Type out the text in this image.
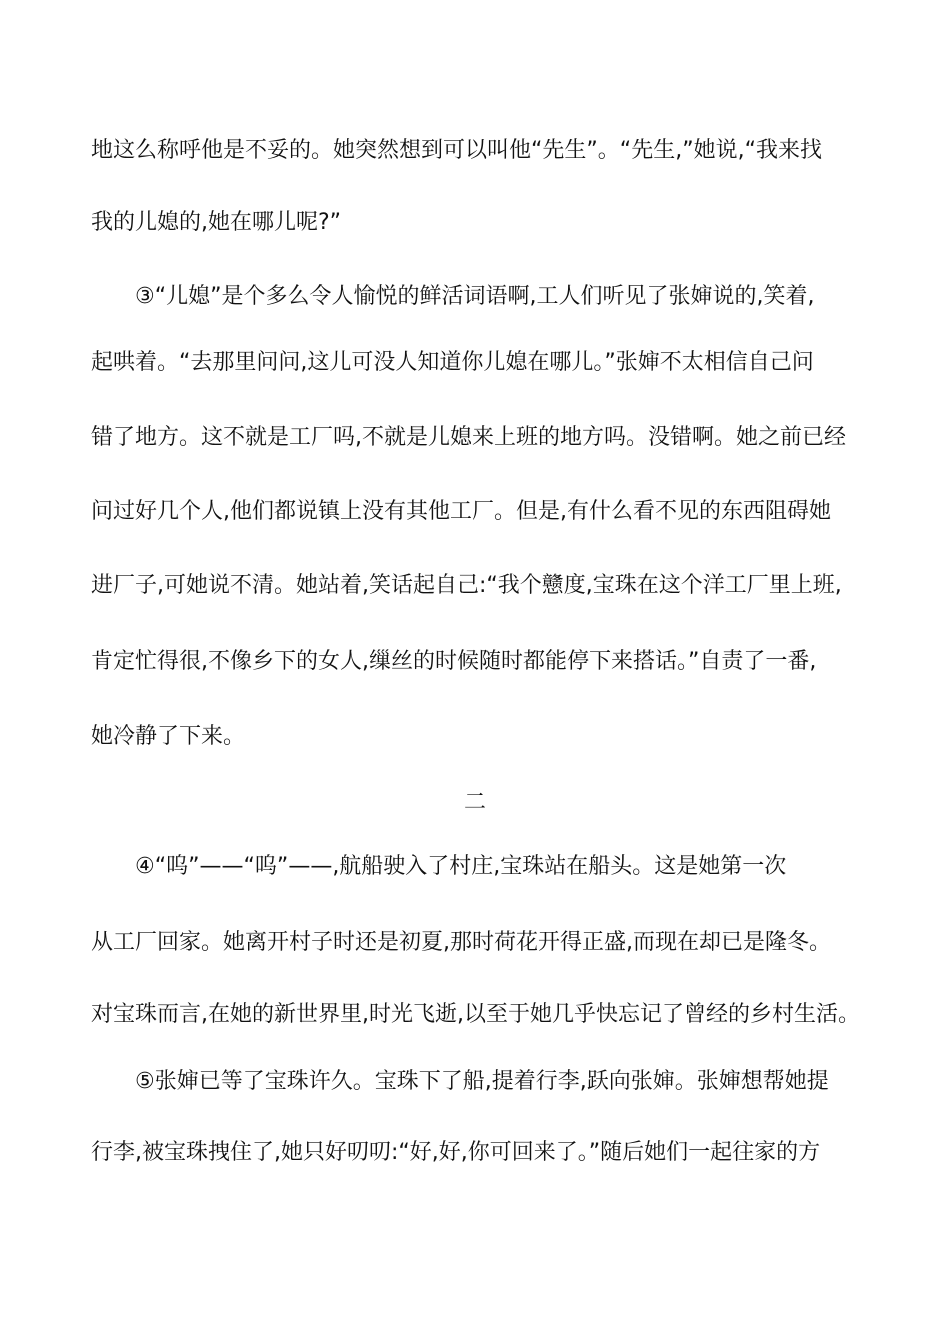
地这么称呼他是不妥的。她突然想到可以叫他“先生”。“先生,”她说,“我来找
我的儿媳的,她在哪儿呢?”
③“儿媳”是个多么令人愉悦的鲜活词语啊,工人们听见了张婶说的,笑着,
起哄着。“去那里问问,这儿可没人知道你儿媳在哪儿。”张婶不太相信自己问
错了地方。这不就是工厂吗,不就是儿媳来上班的地方吗。没错啊。她之前已经
问过好几个人,他们都说镇上没有其他工厂。但是,有什么看不见的东西阻碍她
进厂子,可她说不清。她站着,笑话起自己:“我个戆度,宝珠在这个洋工厂里上班,
肯定忙得很,不像乡下的女人,缫丝的时候随时都能停下来搭话。”自责了一番,
她冷静了下来。
二
④“呜”——“呜”——,航船驶入了村庄,宝珠站在船头。这是她第一次
从工厂回家。她离开村子时还是初夏,那时荷花开得正盛,而现在却已是隆冬。
对宝珠而言,在她的新世界里,时光飞逝,以至于她几乎快忘记了曾经的乡村生活。
⑤张婶已等了宝珠许久。宝珠下了船,提着行李,跃向张婶。张婶想帮她提
行李,被宝珠拽住了,她只好叨叨:“好,好,你可回来了。”随后她们一起往家的方
